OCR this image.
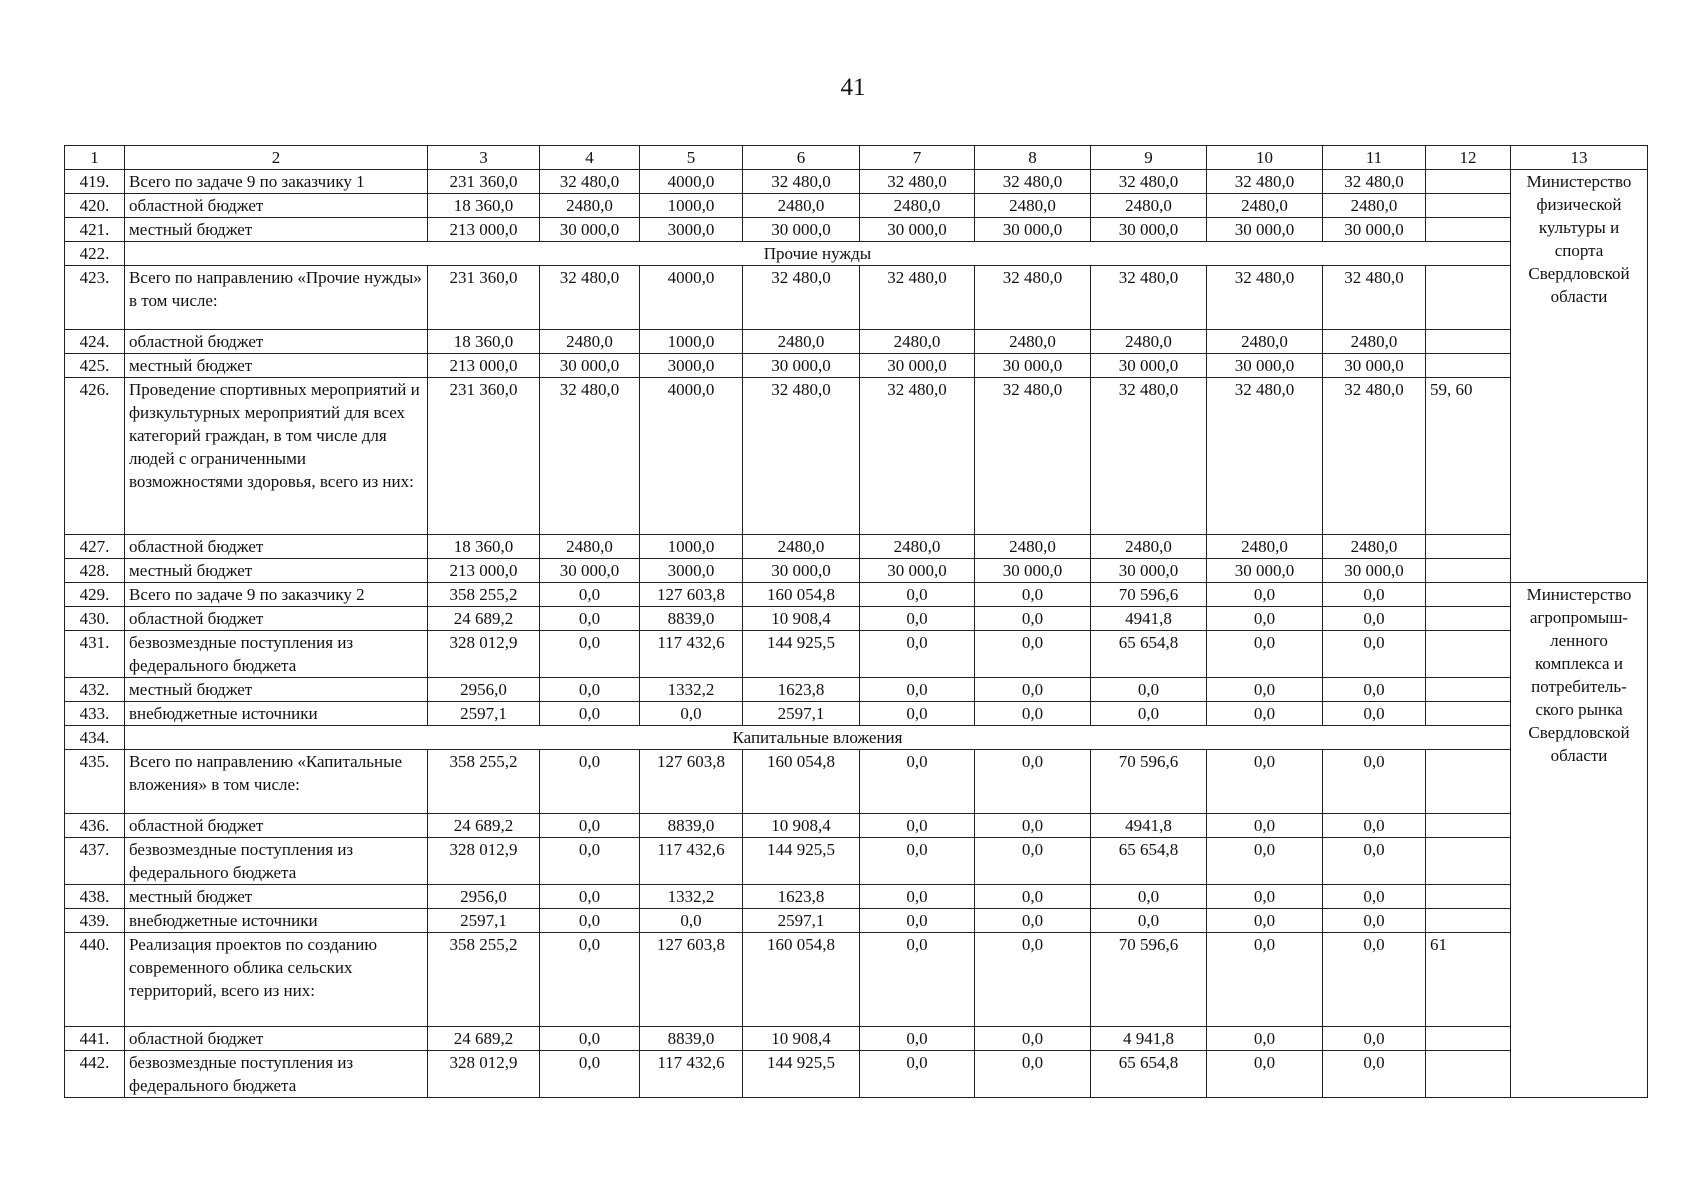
41
1	2	3	4	5	6	7	8	9	10	11	12	13
419.	Всего по задаче 9 по заказчику 1	231 360,0	32 480,0	4000,0	32 480,0	32 480,0	32 480,0	32 480,0	32 480,0	32 480,0		Министерство физической культуры и спорта Свердловской области
420.	областной бюджет	18 360,0	2480,0	1000,0	2480,0	2480,0	2480,0	2480,0	2480,0	2480,0		
421.	местный бюджет	213 000,0	30 000,0	3000,0	30 000,0	30 000,0	30 000,0	30 000,0	30 000,0	30 000,0		
422.	Прочие нужды											
423.	Всего по направлению «Прочие нужды» в том числе:	231 360,0	32 480,0	4000,0	32 480,0	32 480,0	32 480,0	32 480,0	32 480,0	32 480,0		
424.	областной бюджет	18 360,0	2480,0	1000,0	2480,0	2480,0	2480,0	2480,0	2480,0	2480,0		
425.	местный бюджет	213 000,0	30 000,0	3000,0	30 000,0	30 000,0	30 000,0	30 000,0	30 000,0	30 000,0		
426.	Проведение спортивных мероприятий и физкультурных мероприятий для всех категорий граждан, в том числе для людей с ограниченными возможностями здоровья, всего из них:	231 360,0	32 480,0	4000,0	32 480,0	32 480,0	32 480,0	32 480,0	32 480,0	32 480,0	59, 60	
427.	областной бюджет	18 360,0	2480,0	1000,0	2480,0	2480,0	2480,0	2480,0	2480,0	2480,0		
428.	местный бюджет	213 000,0	30 000,0	3000,0	30 000,0	30 000,0	30 000,0	30 000,0	30 000,0	30 000,0		
429.	Всего по задаче 9 по заказчику 2	358 255,2	0,0	127 603,8	160 054,8	0,0	0,0	70 596,6	0,0	0,0		Министерство агропромыш-ленного комплекса и потребитель-ского рынка Свердловской области
430.	областной бюджет	24 689,2	0,0	8839,0	10 908,4	0,0	0,0	4941,8	0,0	0,0		
431.	безвозмездные поступления из федерального бюджета	328 012,9	0,0	117 432,6	144 925,5	0,0	0,0	65 654,8	0,0	0,0		
432.	местный бюджет	2956,0	0,0	1332,2	1623,8	0,0	0,0	0,0	0,0	0,0		
433.	внебюджетные источники	2597,1	0,0	0,0	2597,1	0,0	0,0	0,0	0,0	0,0		
434.	Капитальные вложения											
435.	Всего по направлению «Капитальные вложения» в том числе:	358 255,2	0,0	127 603,8	160 054,8	0,0	0,0	70 596,6	0,0	0,0		
436.	областной бюджет	24 689,2	0,0	8839,0	10 908,4	0,0	0,0	4941,8	0,0	0,0		
437.	безвозмездные поступления из федерального бюджета	328 012,9	0,0	117 432,6	144 925,5	0,0	0,0	65 654,8	0,0	0,0		
438.	местный бюджет	2956,0	0,0	1332,2	1623,8	0,0	0,0	0,0	0,0	0,0		
439.	внебюджетные источники	2597,1	0,0	0,0	2597,1	0,0	0,0	0,0	0,0	0,0		
440.	Реализация проектов по созданию современного облика сельских территорий, всего из них:	358 255,2	0,0	127 603,8	160 054,8	0,0	0,0	70 596,6	0,0	0,0	61	
441.	областной бюджет	24 689,2	0,0	8839,0	10 908,4	0,0	0,0	4 941,8	0,0	0,0		
442.	безвозмездные поступления из федерального бюджета	328 012,9	0,0	117 432,6	144 925,5	0,0	0,0	65 654,8	0,0	0,0		
